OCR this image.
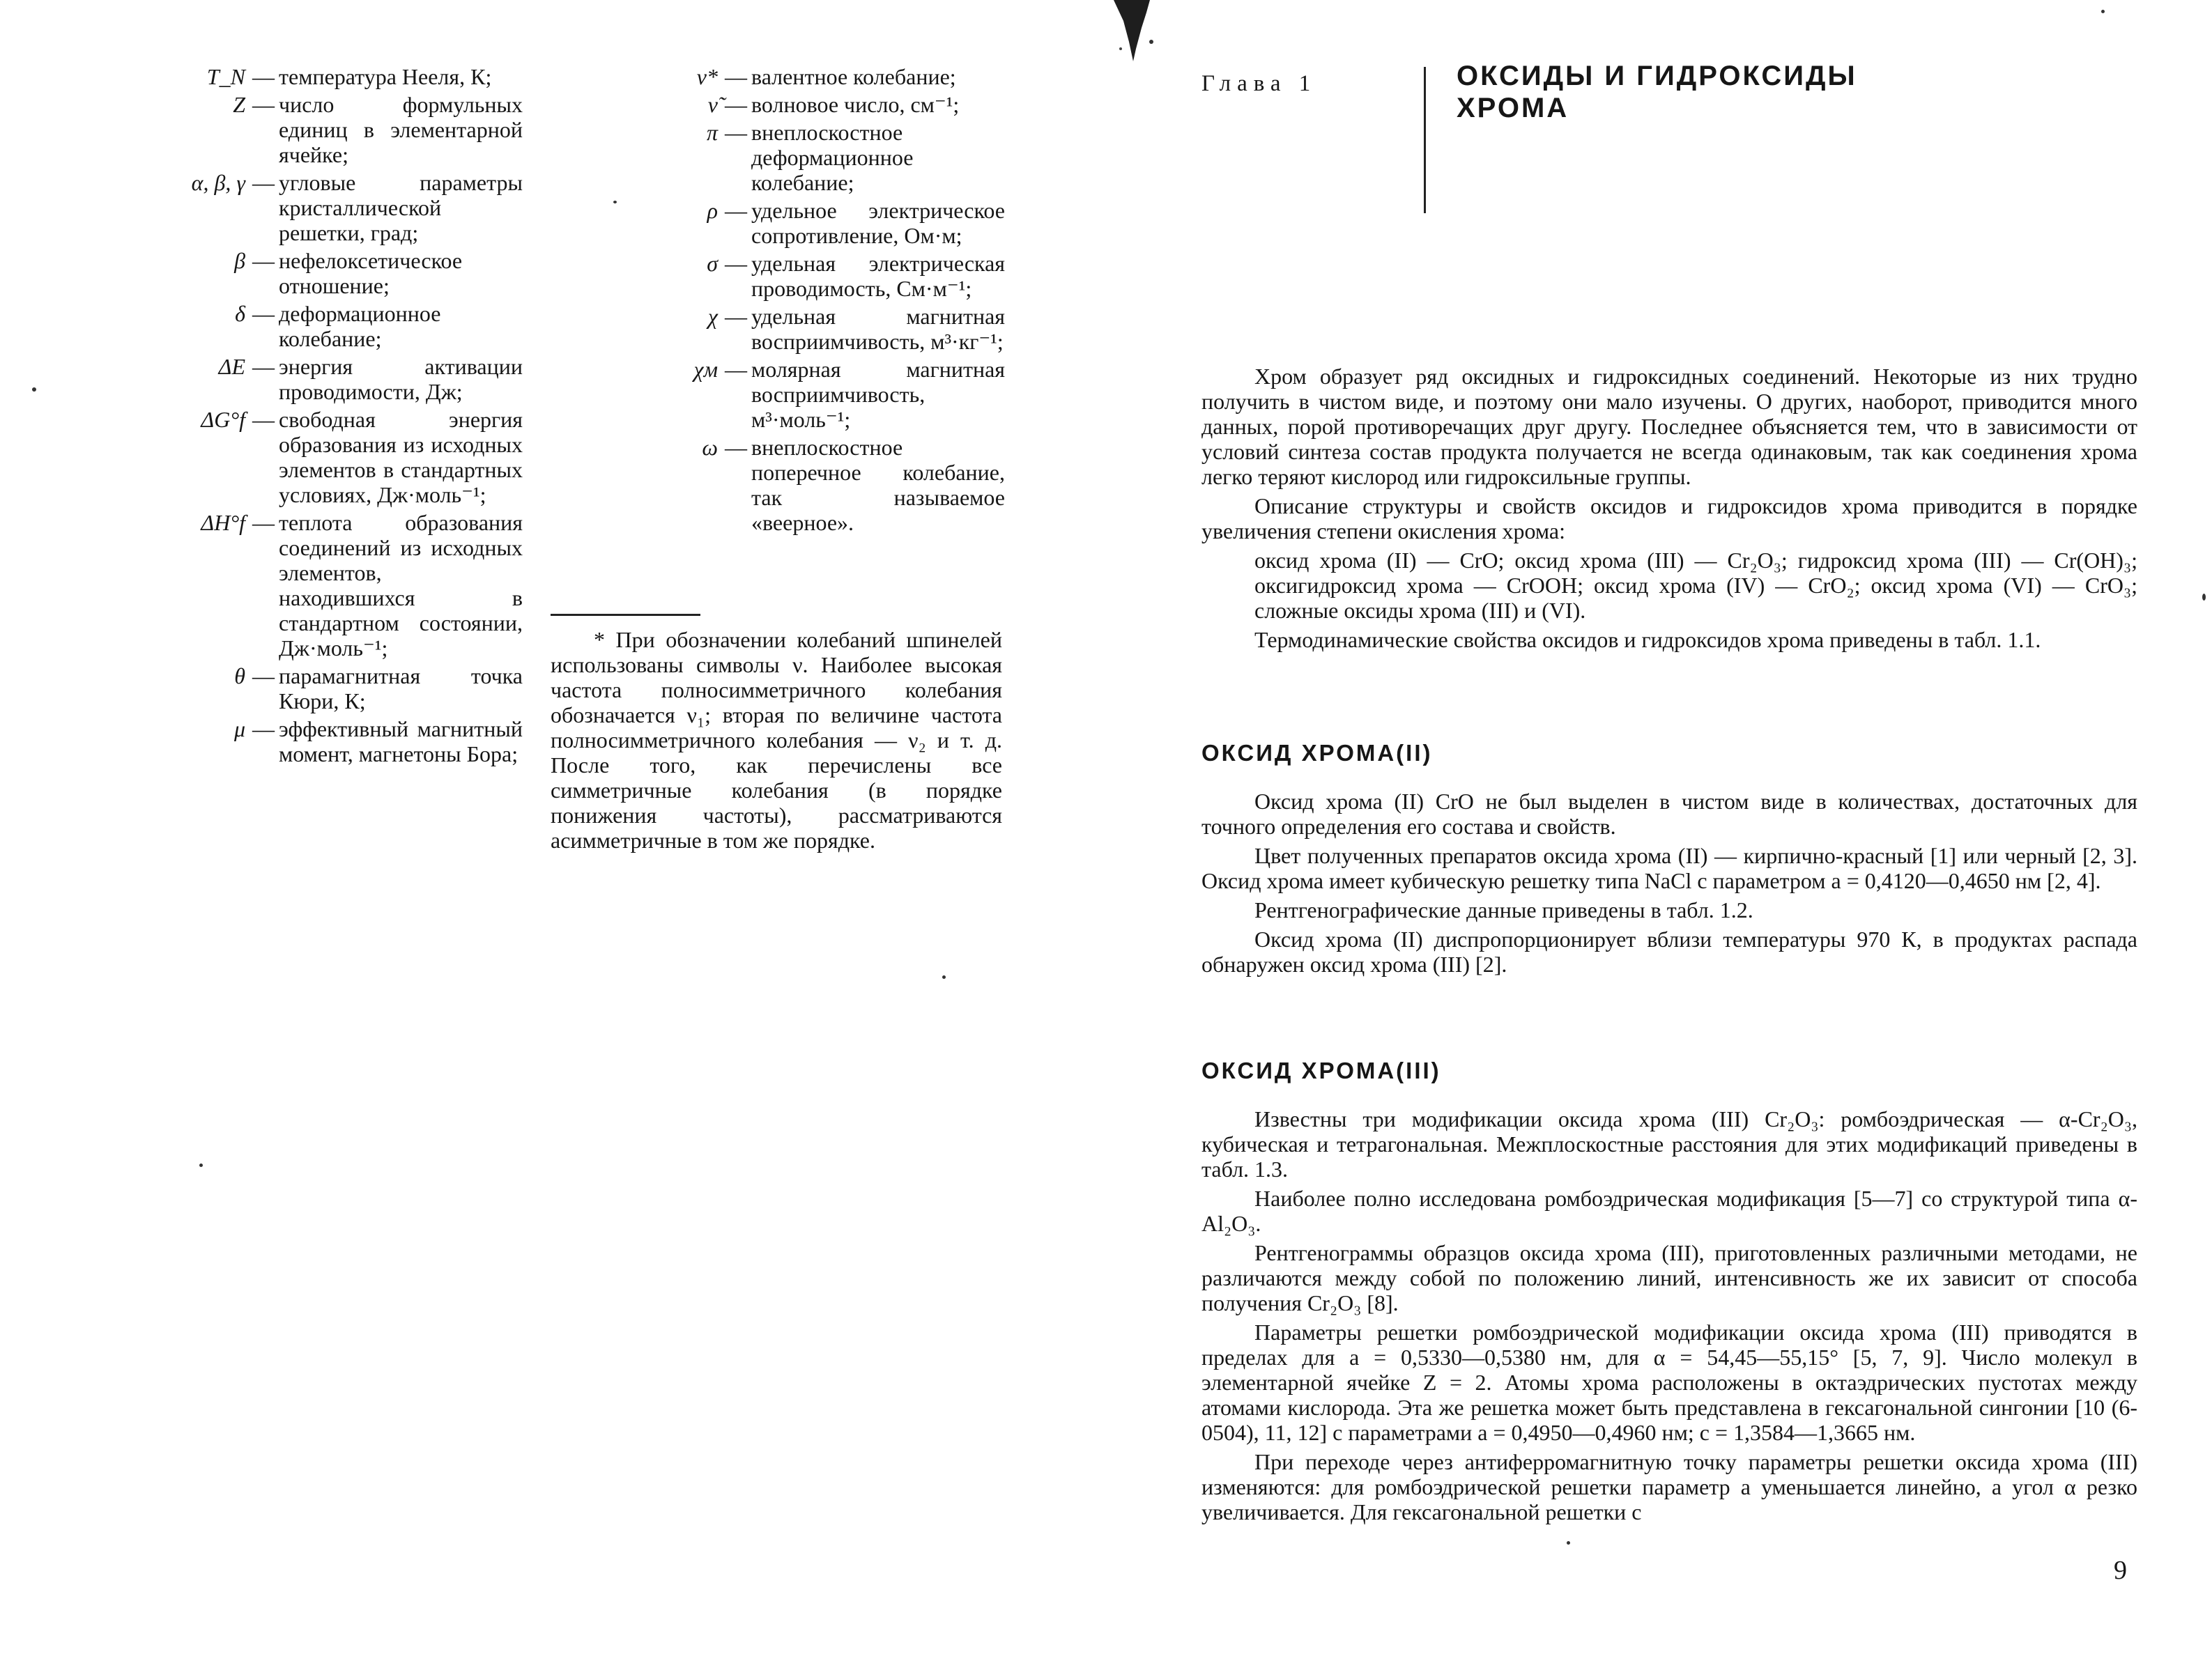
T_N — температура Нееля, К;
Z — число формульных единиц в элементарной ячейке;
α, β, γ — угловые параметры кристаллической решетки, град;
β — нефелоксетическое отношение;
δ — деформационное колебание;
ΔE — энергия активации проводимости, Дж;
ΔG°f — свободная энергия образования из исходных элементов в стандартных условиях, Дж·моль⁻¹;
ΔH°f — теплота образования соединений из исходных элементов, находившихся в стандартном состоянии, Дж·моль⁻¹;
θ — парамагнитная точка Кюри, К;
μ — эффективный магнитный момент, магнетоны Бора;
ν* — валентное колебание;
ν̃ — волновое число, см⁻¹;
π — внеплоскостное деформационное колебание;
ρ — удельное электрическое сопротивление, Ом·м;
σ — удельная электрическая проводимость, См·м⁻¹;
χ — удельная магнитная восприимчивость, м³·кг⁻¹;
χм — молярная магнитная восприимчивость, м³·моль⁻¹;
ω — внеплоскостное поперечное колебание, так называемое «веерное».

* При обозначении колебаний шпинелей использованы символы ν. Наиболее высокая частота полносимметричного колебания обозначается ν₁; вторая по величине частота полносимметричного колебания — ν₂ и т. д. После того, как перечислены все симметричные колебания (в порядке понижения частоты), рассматриваются асимметричные в том же порядке.

Глава 1	ОКСИДЫ И ГИДРОКСИДЫ ХРОМА

Хром образует ряд оксидных и гидроксидных соединений. Некоторые из них трудно получить в чистом виде, и поэтому они мало изучены. О других, наоборот, приводится много данных, порой противоречащих друг другу. Последнее объясняется тем, что в зависимости от условий синтеза состав продукта получается не всегда одинаковым, так как соединения хрома легко теряют кислород или гидроксильные группы.

Описание структуры и свойств оксидов и гидроксидов хрома приводится в порядке увеличения степени окисления хрома:

оксид хрома (II) — CrO; оксид хрома (III) — Cr₂O₃; гидроксид хрома (III) — Cr(OH)₃; оксигидроксид хрома — CrOOH; оксид хрома (IV) — CrO₂; оксид хрома (VI) — CrO₃; сложные оксиды хрома (III) и (VI).

Термодинамические свойства оксидов и гидроксидов хрома приведены в табл. 1.1.

ОКСИД ХРОМА(II)

Оксид хрома (II) CrO не был выделен в чистом виде в количествах, достаточных для точного определения его состава и свойств.

Цвет полученных препаратов оксида хрома (II) — кирпично-красный [1] или черный [2, 3]. Оксид хрома имеет кубическую решетку типа NaCl с параметром a = 0,4120—0,4650 нм [2, 4].

Рентгенографические данные приведены в табл. 1.2.

Оксид хрома (II) диспропорционирует вблизи температуры 970 К, в продуктах распада обнаружен оксид хрома (III) [2].

ОКСИД ХРОМА(III)

Известны три модификации оксида хрома (III) Cr₂O₃: ромбоэдрическая — α-Cr₂O₃, кубическая и тетрагональная. Межплоскостные расстояния для этих модификаций приведены в табл. 1.3.

Наиболее полно исследована ромбоэдрическая модификация [5—7] со структурой типа α-Al₂O₃.

Рентгенограммы образцов оксида хрома (III), приготовленных различными методами, не различаются между собой по положению линий, интенсивность же их зависит от способа получения Cr₂O₃ [8].

Параметры решетки ромбоэдрической модификации оксида хрома (III) приводятся в пределах для a = 0,5330—0,5380 нм, для α = 54,45—55,15° [5, 7, 9]. Число молекул в элементарной ячейке Z = 2. Атомы хрома расположены в октаэдрических пустотах между атомами кислорода. Эта же решетка может быть представлена в гексагональной сингонии [10 (6-0504), 11, 12] с параметрами a = 0,4950—0,4960 нм; c = 1,3584—1,3665 нм.

При переходе через антиферромагнитную точку параметры решетки оксида хрома (III) изменяются: для ромбоэдрической решетки параметр a уменьшается линейно, а угол α резко увеличивается. Для гексагональной решетки с

9
